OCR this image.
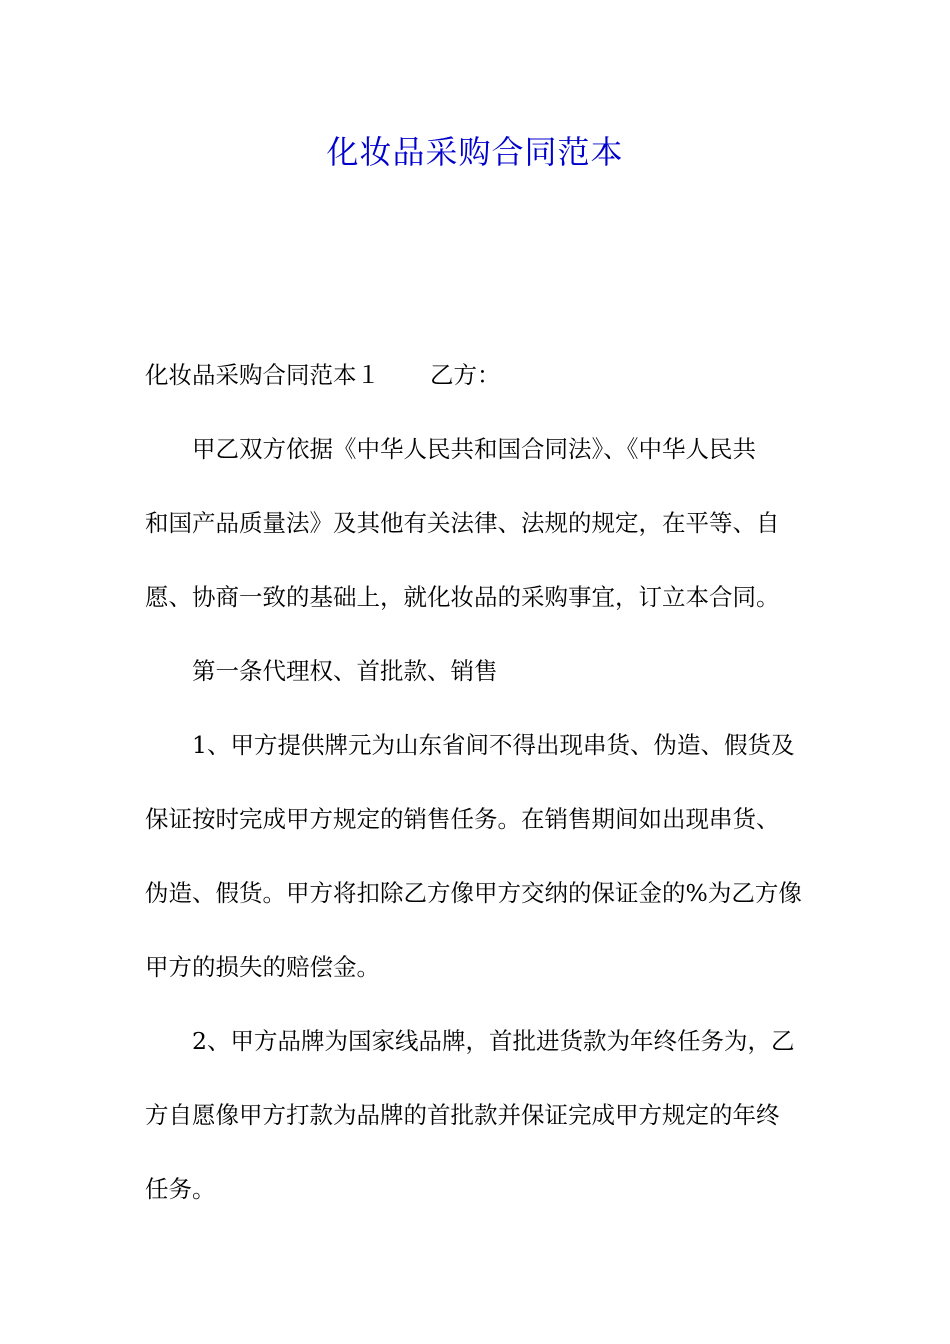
化妆品采购合同范本
化妆品采购合同范本１ 乙方：
甲乙双方依据《中华人民共和国合同法》、《中华人民共
和国产品质量法》及其他有关法律、法规的规定，在平等、自
愿、协商一致的基础上，就化妆品的采购事宜，订立本合同。
第一条代理权、首批款、销售
1、甲方提供牌元为山东省间不得出现串货、伪造、假货及
保证按时完成甲方规定的销售任务。在销售期间如出现串货、
伪造、假货。甲方将扣除乙方像甲方交纳的保证金的%为乙方像
甲方的损失的赔偿金。
2、甲方品牌为国家线品牌，首批进货款为年终任务为，乙
方自愿像甲方打款为品牌的首批款并保证完成甲方规定的年终
任务。
